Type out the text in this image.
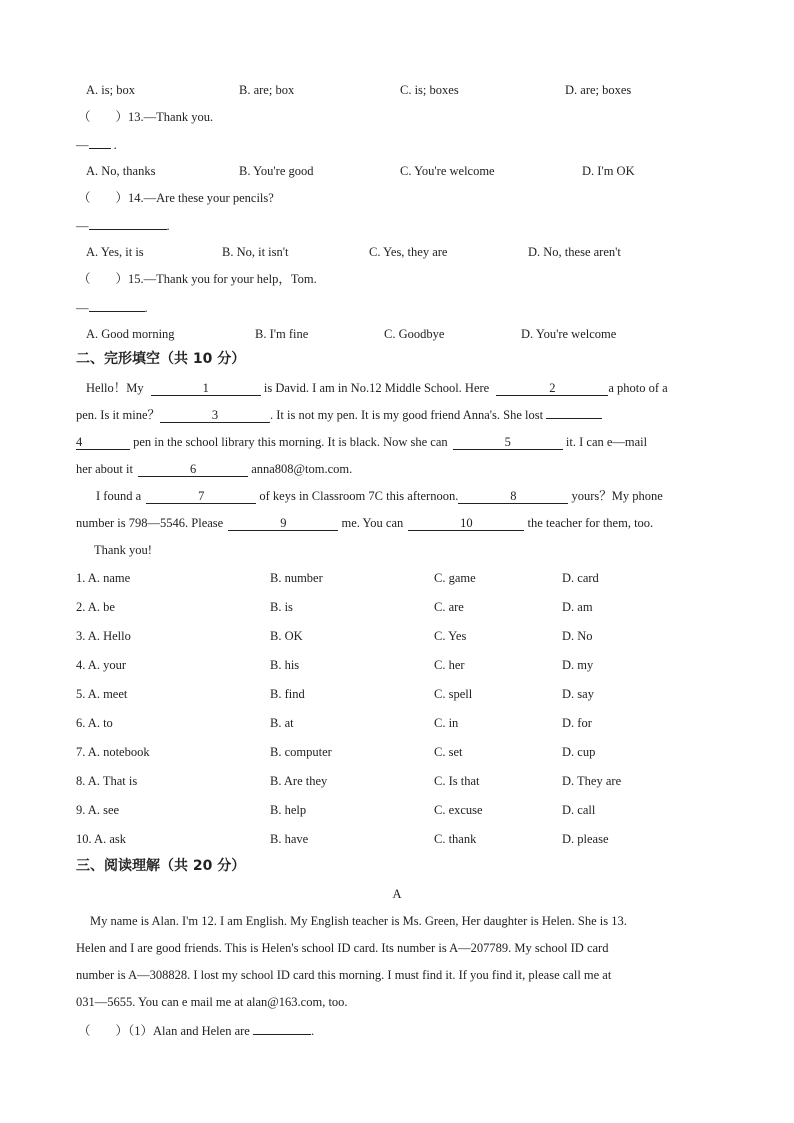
A. is; box	B. are; box	C. is; boxes	D. are; boxes
（　　）13.—Thank you.
— .
A. No, thanks	B. You're good	C. You're welcome	D. I'm OK
（　　）14.—Are these your pencils?
—	.
A. Yes, it is	B. No, it isn't	C. Yes, they are	D. No, these aren't
（　　）15.—Thank you for your help，Tom.
—	.
A. Good morning	B. I'm fine	C. Goodbye	D. You're welcome
二、完形填空（共 10 分）
Hello！My	1	is David. I am in No.12 Middle School. Here	2	a photo of a
pen. Is it mine？	3	. It is not my pen. It is my good friend Anna's. She lost
4	pen in the school library this morning. It is black. Now she can	5	it. I can e—mail
her about it	6	anna808@tom.com.
I found a	7	of keys in Classroom 7C this afternoon.	8	yours？My phone
number is 798—5546. Please	9	me. You can	10	the teacher for them, too.
Thank you!
1. A. name	B. number	C. game	D. card
2. A. be	B. is	C. are	D. am
3. A. Hello	B. OK	C. Yes	D. No
4. A. your	B. his	C. her	D. my
5. A. meet	B. find	C. spell	D. say
6. A. to	B. at	C. in	D. for
7. A. notebook	B. computer	C. set	D. cup
8. A. That is	B. Are they	C. Is that	D. They are
9. A. see	B. help	C. excuse	D. call
10. A. ask	B. have	C. thank	D. please
三、阅读理解（共 20 分）
A
My name is Alan. I'm 12. I am English. My English teacher is Ms. Green, Her daughter is Helen. She is 13.
Helen and I are good friends. This is Helen's school ID card. Its number is A—207789. My school ID card
number is A—308828. I lost my school ID card this morning. I must find it. If you find it, please call me at
031—5655. You can e mail me at alan@163.com, too.
（　　）（1）Alan and Helen are	.
